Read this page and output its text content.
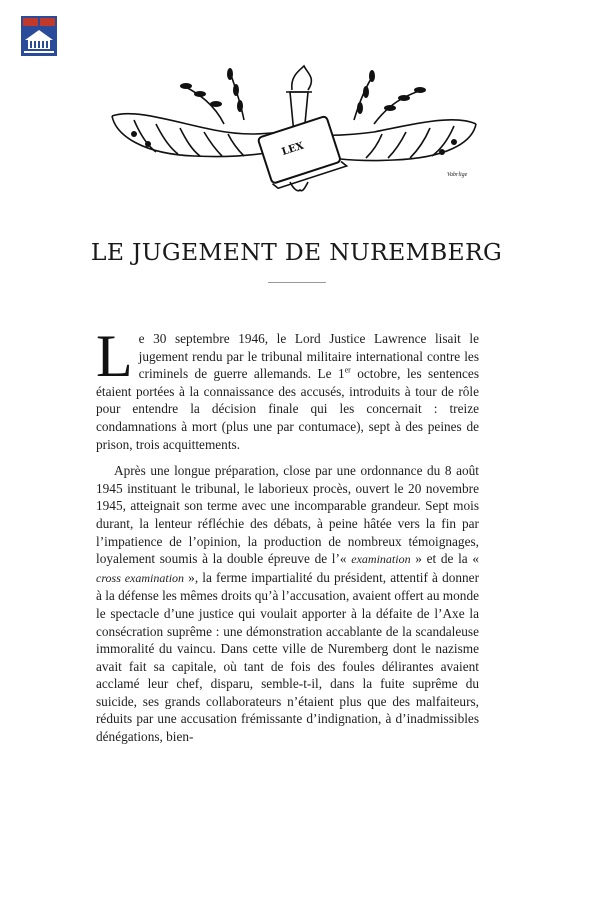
LEX
Vabrlige
LE JUGEMENT DE NUREMBERG

Le 30 septembre 1946, le Lord Justice Lawrence lisait le jugement rendu par le tribunal militaire international contre les criminels de guerre allemands. Le 1er octobre, les sentences étaient portées à la connaissance des accusés, introduits à tour de rôle pour entendre la décision finale qui les concernait : treize condamnations à mort (plus une par contumace), sept à des peines de prison, trois acquittements.

Après une longue préparation, close par une ordonnance du 8 août 1945 instituant le tribunal, le laborieux procès, ouvert le 20 novembre 1945, atteignait son terme avec une incomparable grandeur. Sept mois durant, la lenteur réfléchie des débats, à peine hâtée vers la fin par l’impatience de l’opinion, la production de nombreux témoignages, loyalement soumis à la double épreuve de l’« examination » et de la « cross examination », la ferme impartialité du président, attentif à donner à la défense les mêmes droits qu’à l’accusation, avaient offert au monde le spectacle d’une justice qui voulait apporter à la défaite de l’Axe la consécration suprême : une démonstration accablante de la scandaleuse immoralité du vaincu. Dans cette ville de Nuremberg dont le nazisme avait fait sa capitale, où tant de fois des foules délirantes avaient acclamé leur chef, disparu, semble-t-il, dans la fuite suprême du suicide, ses grands collaborateurs n’étaient plus que des malfaiteurs, réduits par une accusation frémissante d’indignation, à d’inadmissibles dénégations, bien-
